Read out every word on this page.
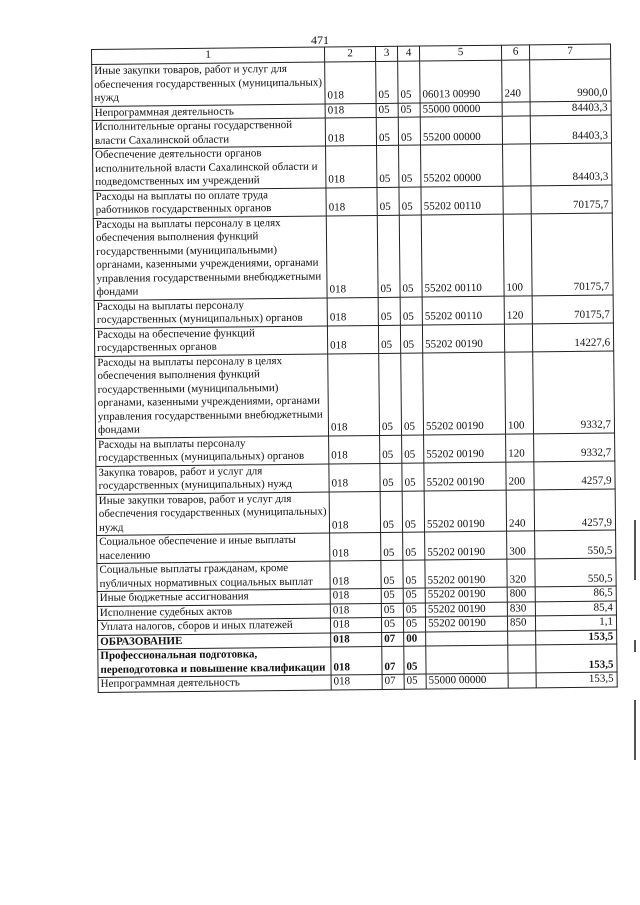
471
1	2	3	4	5	6	7
Иные закупки товаров, работ и услуг для обеспечения государственных (муниципальных) нужд	018	05	05	06013 00990	240	9900,0
Непрограммная деятельность	018	05	05	55000 00000		84403,3
Исполнительные органы государственной власти Сахалинской области	018	05	05	55200 00000		84403,3
Обеспечение деятельности органов исполнительной власти Сахалинской области и подведомственных им учреждений	018	05	05	55202 00000		84403,3
Расходы на выплаты по оплате труда работников государственных органов	018	05	05	55202 00110		70175,7
Расходы на выплаты персоналу в целях обеспечения выполнения функций государственными (муниципальными) органами, казенными учреждениями, органами управления государственными внебюджетными фондами	018	05	05	55202 00110	100	70175,7
Расходы на выплаты персоналу государственных (муниципальных) органов	018	05	05	55202 00110	120	70175,7
Расходы на обеспечение функций государственных органов	018	05	05	55202 00190		14227,6
Расходы на выплаты персоналу в целях обеспечения выполнения функций государственными (муниципальными) органами, казенными учреждениями, органами управления государственными внебюджетными фондами	018	05	05	55202 00190	100	9332,7
Расходы на выплаты персоналу государственных (муниципальных) органов	018	05	05	55202 00190	120	9332,7
Закупка товаров, работ и услуг для государственных (муниципальных) нужд	018	05	05	55202 00190	200	4257,9
Иные закупки товаров, работ и услуг для обеспечения государственных (муниципальных) нужд	018	05	05	55202 00190	240	4257,9
Социальное обеспечение и иные выплаты населению	018	05	05	55202 00190	300	550,5
Социальные выплаты гражданам, кроме публичных нормативных социальных выплат	018	05	05	55202 00190	320	550,5
Иные бюджетные ассигнования	018	05	05	55202 00190	800	86,5
Исполнение судебных актов	018	05	05	55202 00190	830	85,4
Уплата налогов, сборов и иных платежей	018	05	05	55202 00190	850	1,1
ОБРАЗОВАНИЕ	018	07	00			153,5
Профессиональная подготовка, переподготовка и повышение квалификации	018	07	05			153,5
Непрограммная деятельность	018	07	05	55000 00000		153,5
